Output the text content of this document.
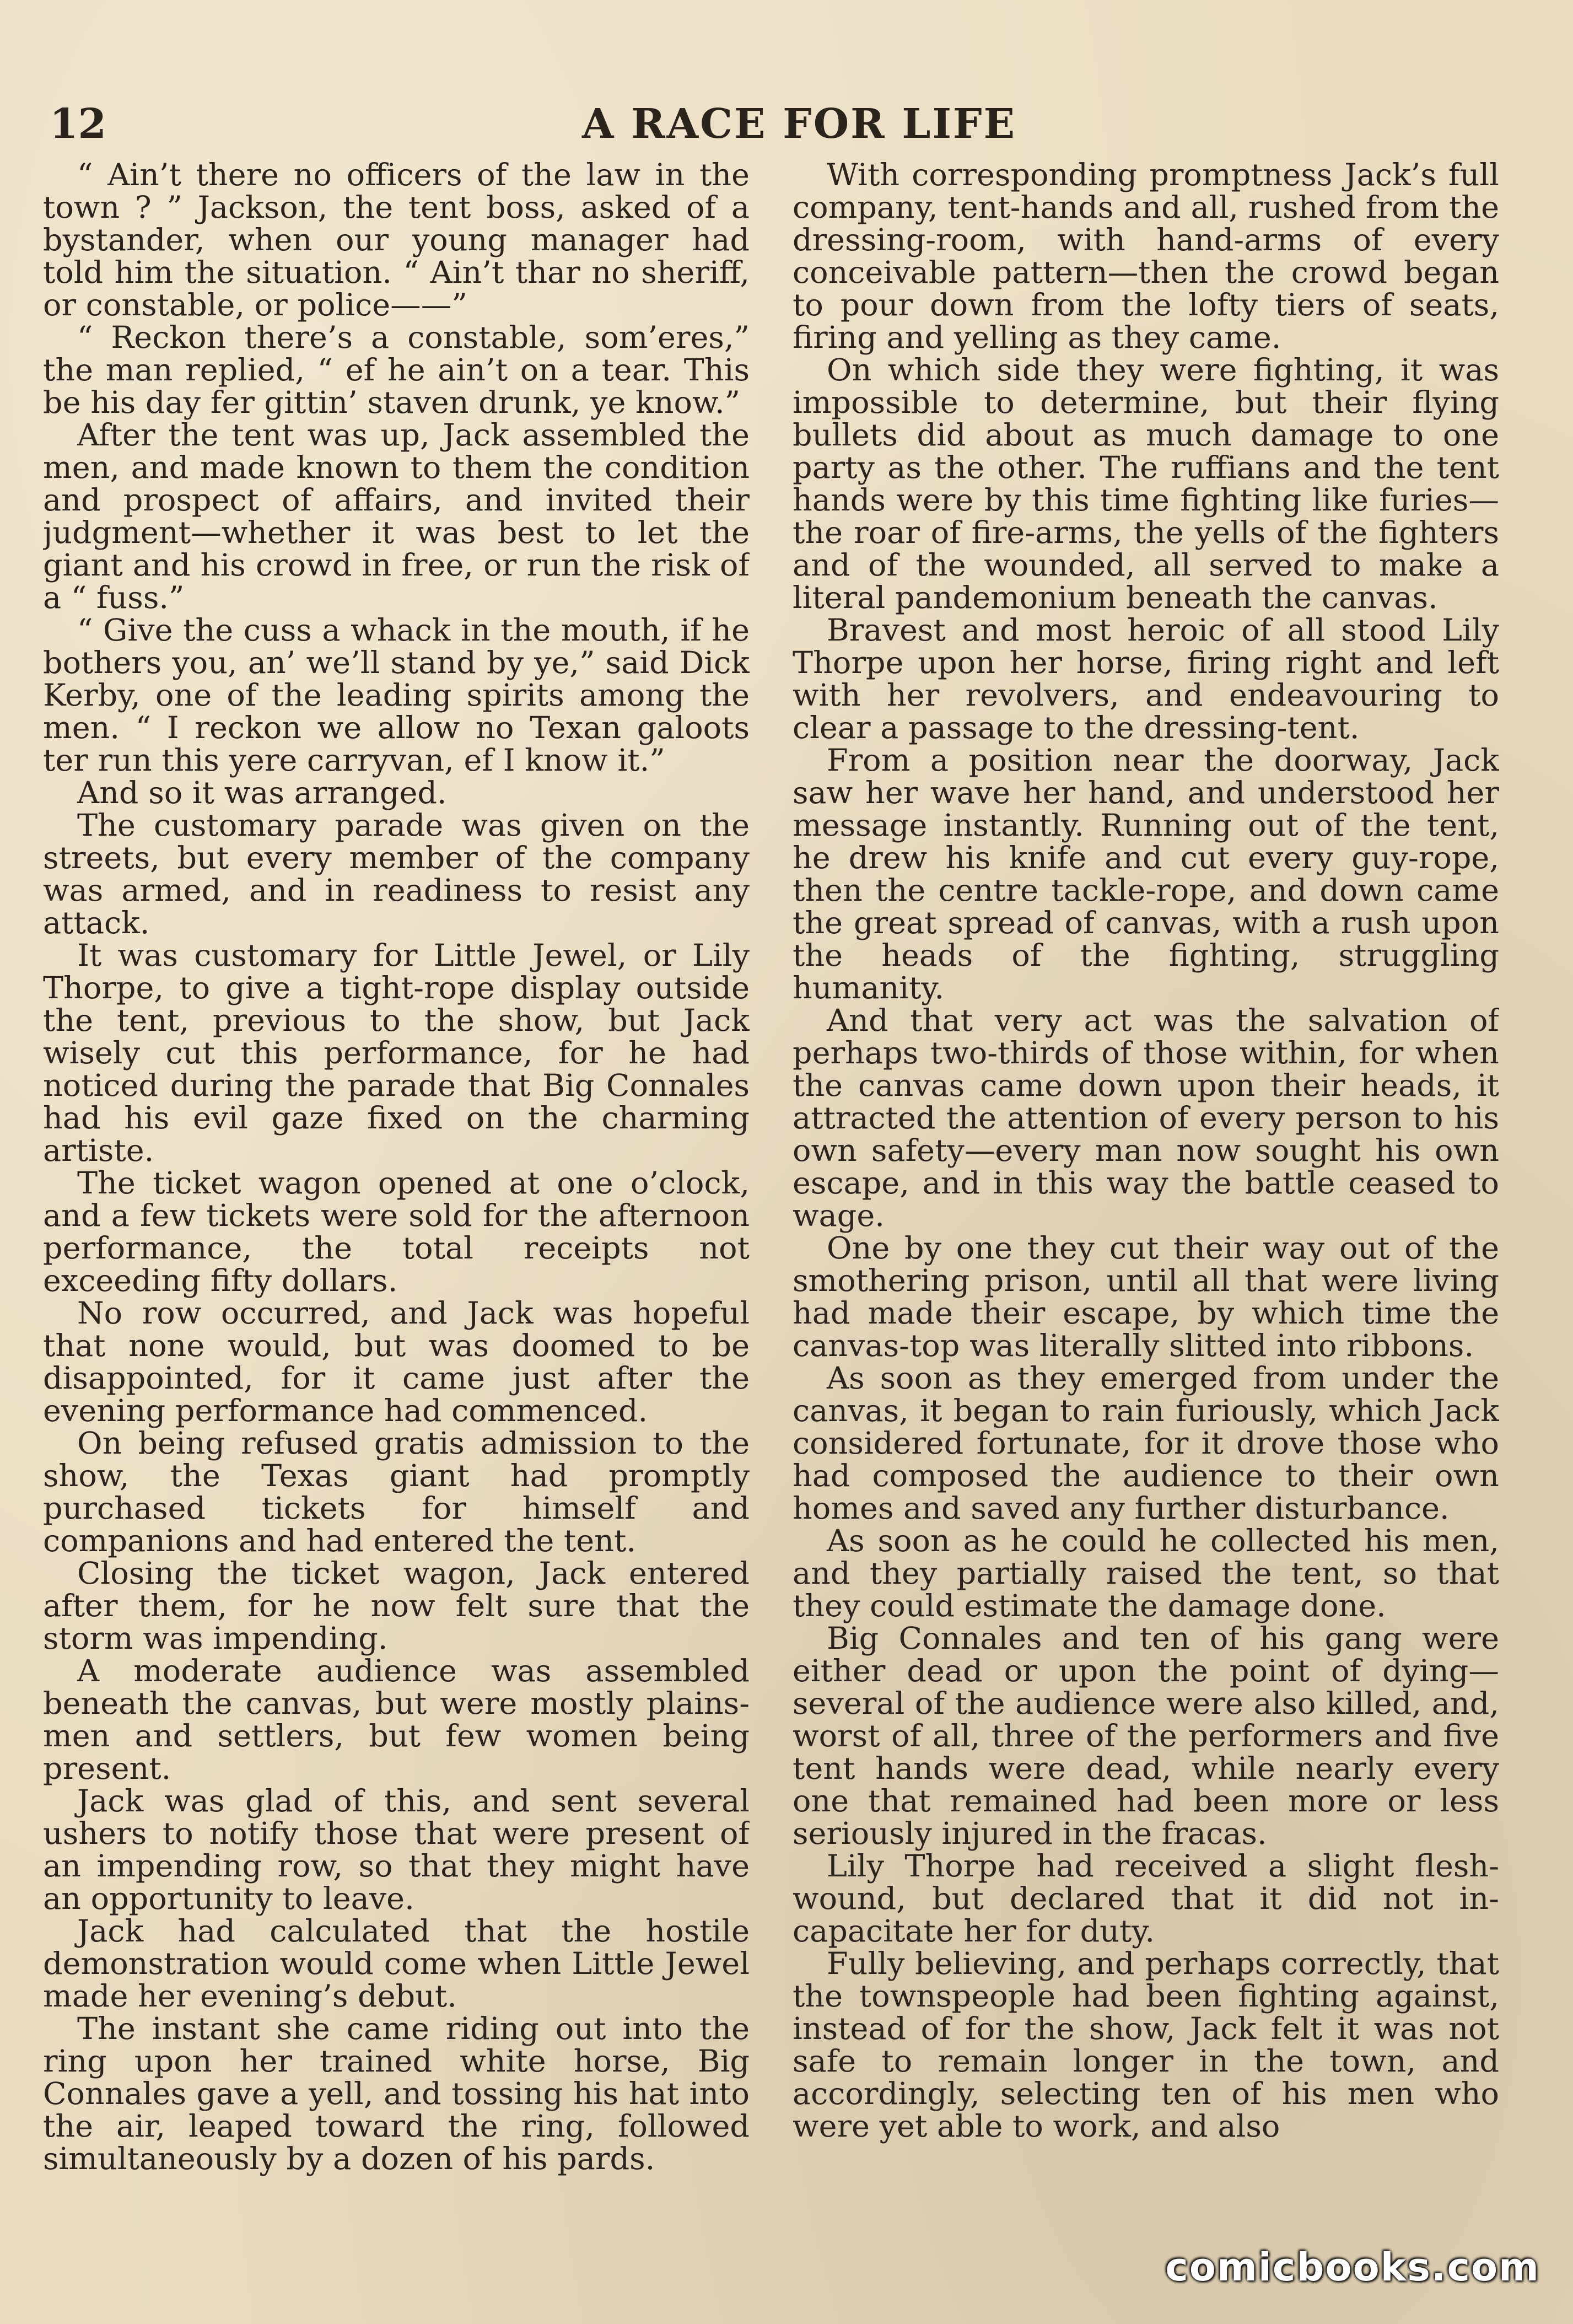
12	A RACE FOR LIFE

“ Ain’t there no officers of the law in the town ? ” Jackson, the tent boss, asked of a bystander, when our young manager had told him the situation. “ Ain’t thar no sheriff, or constable, or police——”

“ Reckon there’s a constable, som’eres,” the man replied, “ ef he ain’t on a tear. This be his day fer gittin’ staven drunk, ye know.”

After the tent was up, Jack assembled the men, and made known to them the condition and prospect of affairs, and invited their judgment—whether it was best to let the giant and his crowd in free, or run the risk of a “ fuss.”

“ Give the cuss a whack in the mouth, if he bothers you, an’ we’ll stand by ye,” said Dick Kerby, one of the leading spirits among the men. “ I reckon we allow no Texan galoots ter run this yere carryvan, ef I know it.”

And so it was arranged.

The customary parade was given on the streets, but every member of the company was armed, and in readiness to resist any attack.

It was customary for Little Jewel, or Lily Thorpe, to give a tight-rope display outside the tent, previous to the show, but Jack wisely cut this performance, for he had noticed during the parade that Big Connales had his evil gaze fixed on the charming artiste.

The ticket wagon opened at one o’clock, and a few tickets were sold for the afternoon performance, the total receipts not exceeding fifty dollars.

No row occurred, and Jack was hopeful that none would, but was doomed to be disappointed, for it came just after the evening performance had commenced.

On being refused gratis admission to the show, the Texas giant had promptly purchased tickets for himself and companions and had entered the tent.

Closing the ticket wagon, Jack entered after them, for he now felt sure that the storm was impending.

A moderate audience was assembled beneath the canvas, but were mostly plains-men and settlers, but few women being present.

Jack was glad of this, and sent several ushers to notify those that were present of an impending row, so that they might have an opportunity to leave.

Jack had calculated that the hostile demonstration would come when Little Jewel made her evening’s debut.

The instant she came riding out into the ring upon her trained white horse, Big Connales gave a yell, and tossing his hat into the air, leaped toward the ring, followed simultaneously by a dozen of his pards.

With corresponding promptness Jack’s full company, tent-hands and all, rushed from the dressing-room, with hand-arms of every conceivable pattern—then the crowd began to pour down from the lofty tiers of seats, firing and yelling as they came.

On which side they were fighting, it was impossible to determine, but their flying bullets did about as much damage to one party as the other. The ruffians and the tent hands were by this time fighting like furies—the roar of fire-arms, the yells of the fighters and of the wounded, all served to make a literal pandemonium beneath the canvas.

Bravest and most heroic of all stood Lily Thorpe upon her horse, firing right and left with her revolvers, and endeavouring to clear a passage to the dressing-tent.

From a position near the doorway, Jack saw her wave her hand, and understood her message instantly. Running out of the tent, he drew his knife and cut every guy-rope, then the centre tackle-rope, and down came the great spread of canvas, with a rush upon the heads of the fighting, struggling humanity.

And that very act was the salvation of perhaps two-thirds of those within, for when the canvas came down upon their heads, it attracted the attention of every person to his own safety—every man now sought his own escape, and in this way the battle ceased to wage.

One by one they cut their way out of the smothering prison, until all that were living had made their escape, by which time the canvas-top was literally slitted into ribbons.

As soon as they emerged from under the canvas, it began to rain furiously, which Jack considered fortunate, for it drove those who had composed the audience to their own homes and saved any further disturbance.

As soon as he could he collected his men, and they partially raised the tent, so that they could estimate the damage done.

Big Connales and ten of his gang were either dead or upon the point of dying—several of the audience were also killed, and, worst of all, three of the performers and five tent hands were dead, while nearly every one that remained had been more or less seriously injured in the fracas.

Lily Thorpe had received a slight flesh-wound, but declared that it did not in-capacitate her for duty.

Fully believing, and perhaps correctly, that the townspeople had been fighting against, instead of for the show, Jack felt it was not safe to remain longer in the town, and accordingly, selecting ten of his men who were yet able to work, and also

comicbooks.com
